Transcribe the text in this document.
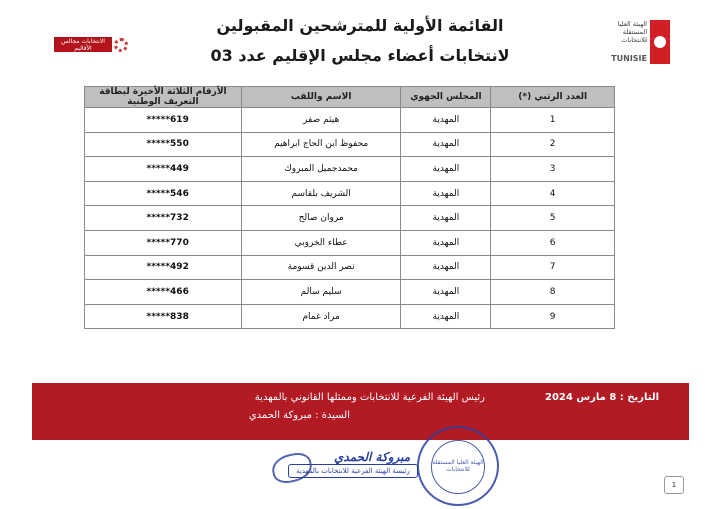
القائمة الأولية للمترشحين المقبولين
لانتخابات أعضاء مجلس الإقليم عدد 03
الهيئة العليا المستقلة للانتخابات
TUNISIE
الانتخابات مجالس الأقاليم
العدد الرتبي (*)	المجلس الجهوي	الاسم واللقب	الأرقام الثلاثة الأخيرة لبطاقة التعريف الوطنية
1	المهدية	هيثم صفر	*****619
2	المهدية	محفوظ ابن الحاج ابراهيم	*****550
3	المهدية	محمدجميل المبروك	*****449
4	المهدية	الشريف بلقاسم	*****546
5	المهدية	مروان صالح	*****732
6	المهدية	عطاء الخروبي	*****770
7	المهدية	نصر الدين قسومة	*****492
8	المهدية	سليم سالم	*****466
9	المهدية	مراد غمام	*****838
التاريخ : 8 مارس 2024
رئيس الهيئة الفرعية للانتخابات وممثلها القانوني بالمهدية
السيدة : مبروكة الحمدي
مبروكة الحمدي
رئيسة الهيئة الفرعية للانتخابات بالمهدية
الهيئة العليا المستقلة للانتخابات
1
